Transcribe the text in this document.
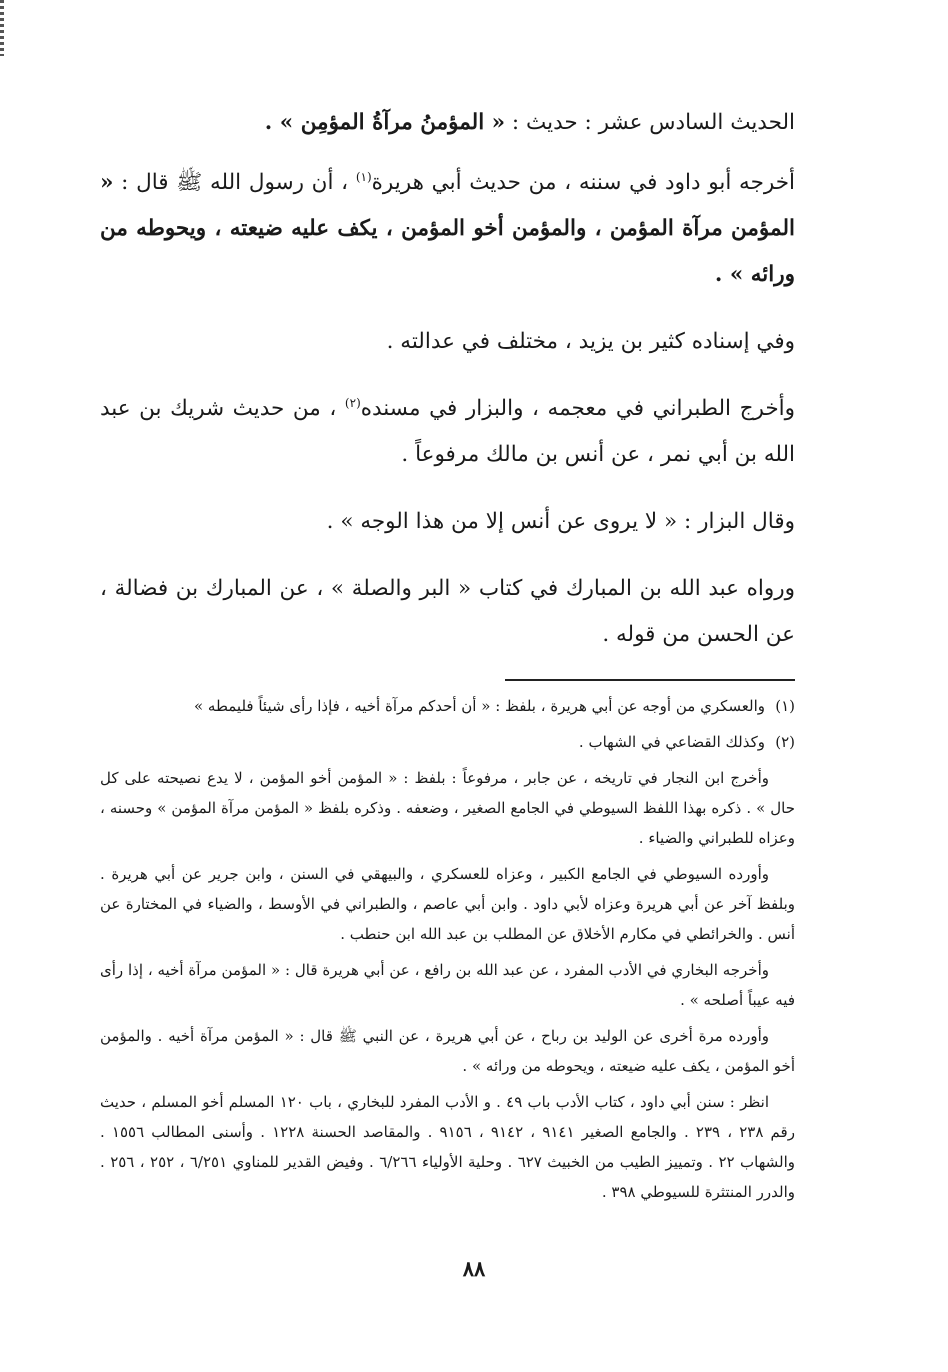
الحديث السادس عشر : حديث : « المؤمنُ مرآةُ المؤمِن » .

أخرجه أبو داود في سننه ، من حديث أبي هريرة$^{(١)}$ ، أن رسول الله ﷺ قال : « المؤمن مرآة المؤمن ، والمؤمن أخو المؤمن ، يكف عليه ضيعته ، ويحوطه من ورائه » .

وفي إسناده كثير بن يزيد ، مختلف في عدالته .

وأخرج الطبراني في معجمه ، والبزار في مسنده$^{(٢)}$ ، من حديث شريك بن عبد الله بن أبي نمر ، عن أنس بن مالك مرفوعاً .

وقال البزار : « لا يروى عن أنس إلا من هذا الوجه » .

ورواه عبد الله بن المبارك في كتاب « البر والصلة » ، عن المبارك بن فضالة ، عن الحسن من قوله .

(١)والعسكري من أوجه عن أبي هريرة ، بلفظ : « أن أحدكم مرآة أخيه ، فإذا رأى شيئاً فليمطه »

(٢)وكذلك القضاعي في الشهاب .

وأخرج ابن النجار في تاريخه ، عن جابر ، مرفوعاً : بلفظ : « المؤمن أخو المؤمن ، لا يدع نصيحته على كل حال » . ذكره بهذا اللفظ السيوطي في الجامع الصغير ، وضعفه . وذكره بلفظ « المؤمن مرآة المؤمن » وحسنه ، وعزاه للطبراني والضياء .

وأورده السيوطي في الجامع الكبير ، وعزاه للعسكري ، والبيهقي في السنن ، وابن جرير عن أبي هريرة . وبلفظ آخر عن أبي هريرة وعزاه لأبي داود . وابن أبي عاصم ، والطبراني في الأوسط ، والضياء في المختارة عن أنس . والخرائطي في مكارم الأخلاق عن المطلب بن عبد الله ابن حنطب .

وأخرجه البخاري في الأدب المفرد ، عن عبد الله بن رافع ، عن أبي هريرة قال : « المؤمن مرآة أخيه ، إذا رأى فيه عيباً أصلحه » .

وأورده مرة أخرى عن الوليد بن رباح ، عن أبي هريرة ، عن النبي ﷺ قال : « المؤمن مرآة أخيه . والمؤمن أخو المؤمن ، يكف عليه ضيعته ، ويحوطه من ورائه » .

انظر : سنن أبي داود ، كتاب الأدب باب ٤٩ . و الأدب المفرد للبخاري ، باب ١٢٠ المسلم أخو المسلم ، حديث رقم ٢٣٨ ، ٢٣٩ . والجامع الصغير ٩١٤١ ، ٩١٤٢ ، ٩١٥٦ . والمقاصد الحسنة ١٢٢٨ . وأسنى المطالب ١٥٥٦ . والشهاب ٢٢ . وتمييز الطيب من الخبيث ٦٢٧ . وحلية الأولياء ٦/٢٦٦ . وفيض القدير للمناوي ٦/٢٥١ ، ٢٥٢ ، ٢٥٦ . والدرر المنتثرة للسيوطي ٣٩٨ .

٨٨
